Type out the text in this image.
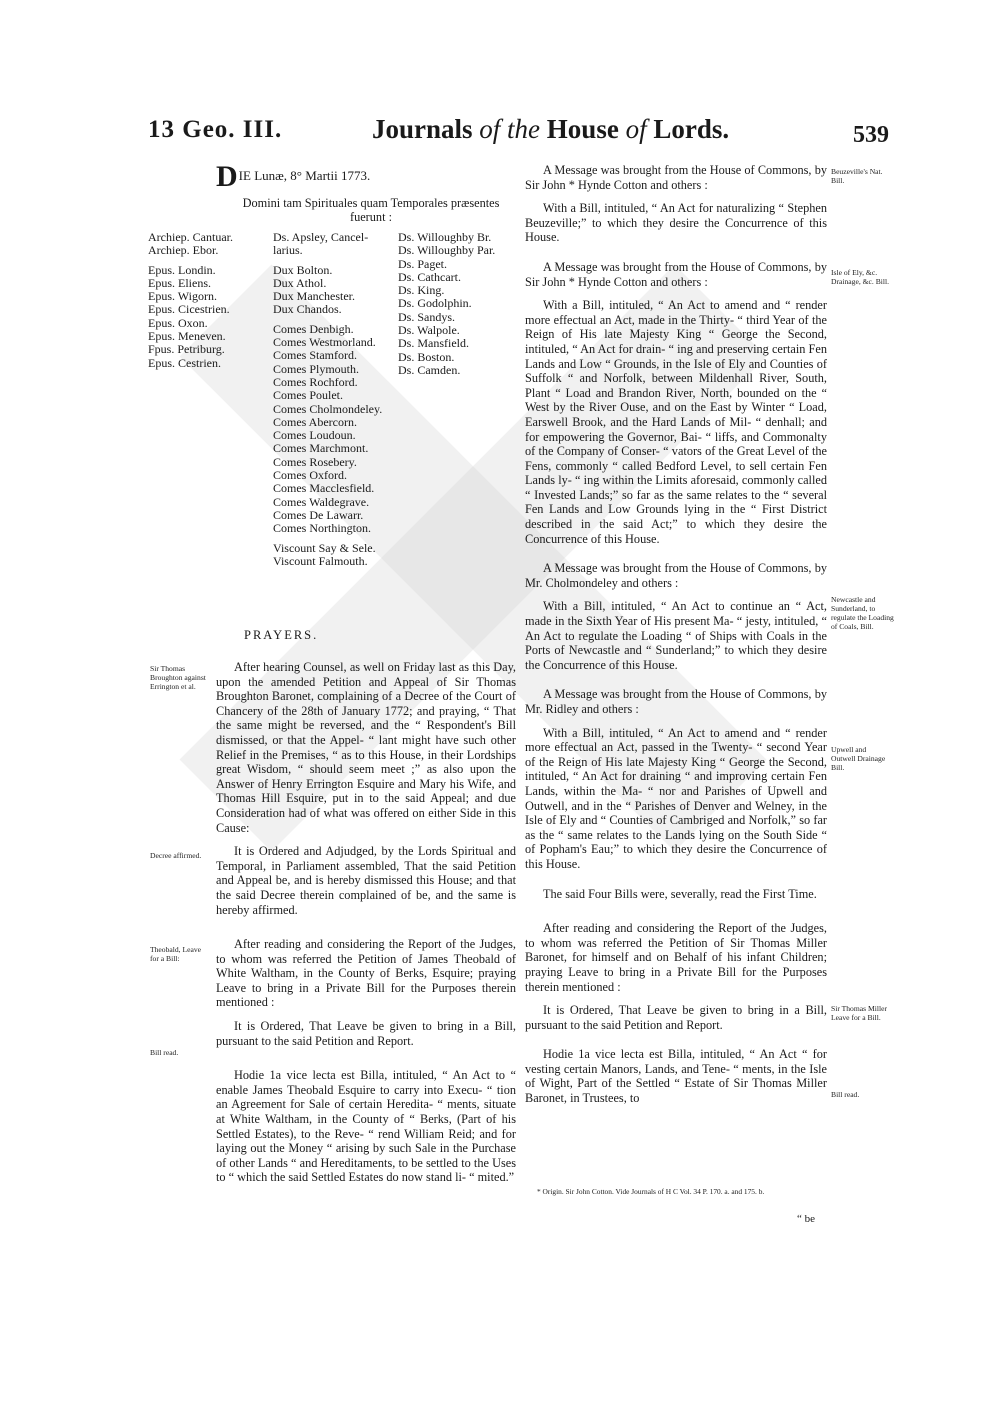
13 Geo. III.	Journals of the House of Lords.	539
DIE Lunæ, 8° Martii 1773.
Domini tam Spirituales quam Temporales præsentes fuerunt :
Archiep. Cantuar.
Archiep. Ebor.
Epus. Londin.
Epus. Eliens.
Epus. Wigorn.
Epus. Cicestrien.
Epus. Oxon.
Epus. Meneven.
Fpus. Petriburg.
Epus. Cestrien.
Ds. Apsley, Cancel-
larius.
Dux Bolton.
Dux Athol.
Dux Manchester.
Dux Chandos.
Comes Denbigh.
Comes Westmorland.
Comes Stamford.
Comes Plymouth.
Comes Rochford.
Comes Poulet.
Comes Cholmondeley.
Comes Abercorn.
Comes Loudoun.
Comes Marchmont.
Comes Rosebery.
Comes Oxford.
Comes Macclesfield.
Comes Waldegrave.
Comes De Lawarr.
Comes Northington.
Viscount Say & Sele.
Viscount Falmouth.
Ds. Willoughby Br.
Ds. Willoughby Par.
Ds. Paget.
Ds. Cathcart.
Ds. King.
Ds. Godolphin.
Ds. Sandys.
Ds. Walpole.
Ds. Mansfield.
Ds. Boston.
Ds. Camden.
PRAYERS.
Sir Thomas Broughton against Errington et al.
Decree affirmed.
Theobald, Leave for a Bill:
Bill read.

After hearing Counsel, as well on Friday last as this Day, upon the amended Petition and Appeal of Sir Thomas Broughton Baronet, complaining of a Decree of the Court of Chancery of the 28th of January 1772; and praying, “ That the same might be reversed, and the “ Respondent's Bill dismissed, or that the Appel- “ lant might have such other Relief in the Premises, “ as to this House, in their Lordships great Wisdom, “ should seem meet ;” as also upon the Answer of Henry Errington Esquire and Mary his Wife, and Thomas Hill Esquire, put in to the said Appeal; and due Consideration had of what was offered on either Side in this Cause:

It is Ordered and Adjudged, by the Lords Spiritual and Temporal, in Parliament assembled, That the said Petition and Appeal be, and is hereby dismissed this House; and that the said Decree therein complained of be, and the same is hereby affirmed.

After reading and considering the Report of the Judges, to whom was referred the Petition of James Theobald of White Waltham, in the County of Berks, Esquire; praying Leave to bring in a Private Bill for the Purposes therein mentioned :

It is Ordered, That Leave be given to bring in a Bill, pursuant to the said Petition and Report.

Hodie 1a vice lecta est Billa, intituled, “ An Act to “ enable James Theobald Esquire to carry into Execu- “ tion an Agreement for Sale of certain Heredita- “ ments, situate at White Waltham, in the County of “ Berks, (Part of his Settled Estates), to the Reve- “ rend William Reid; and for laying out the Money “ arising by such Sale in the Purchase of other Lands “ and Hereditaments, to be settled to the Uses to “ which the said Settled Estates do now stand li- “ mited.”

Beuzeville's Nat. Bill.
Isle of Ely, &c. Drainage, &c. Bill.
Newcastle and Sunderland, to regulate the Loading of Coals, Bill.
Upwell and Outwell Drainage Bill.
Sir Thomas Miller Leave for a Bill.
Bill read.

A Message was brought from the House of Commons, by Sir John * Hynde Cotton and others :

With a Bill, intituled, “ An Act for naturalizing “ Stephen Beuzeville;” to which they desire the Concurrence of this House.

A Message was brought from the House of Commons, by Sir John * Hynde Cotton and others :

With a Bill, intituled, “ An Act to amend and “ render more effectual an Act, made in the Thirty- “ third Year of the Reign of His late Majesty King “ George the Second, intituled, “ An Act for drain- “ ing and preserving certain Fen Lands and Low “ Grounds, in the Isle of Ely and Counties of Suffolk “ and Norfolk, between Mildenhall River, South, Plant “ Load and Brandon River, North, bounded on the “ West by the River Ouse, and on the East by Winter “ Load, Earswell Brook, and the Hard Lands of Mil- “ denhall; and for empowering the Governor, Bai- “ liffs, and Commonalty of the Company of Conser- “ vators of the Great Level of the Fens, commonly “ called Bedford Level, to sell certain Fen Lands ly- “ ing within the Limits aforesaid, commonly called “ Invested Lands;” so far as the same relates to the “ several Fen Lands and Low Grounds lying in the “ First District described in the said Act;” to which they desire the Concurrence of this House.

A Message was brought from the House of Commons, by Mr. Cholmondeley and others :

With a Bill, intituled, “ An Act to continue an “ Act, made in the Sixth Year of His present Ma- “ jesty, intituled, “ An Act to regulate the Loading “ of Ships with Coals in the Ports of Newcastle and “ Sunderland;” to which they desire the Concurrence of this House.

A Message was brought from the House of Commons, by Mr. Ridley and others :

With a Bill, intituled, “ An Act to amend and “ render more effectual an Act, passed in the Twenty- “ second Year of the Reign of His late Majesty King “ George the Second, intituled, “ An Act for draining “ and improving certain Fen Lands, within the Ma- “ nor and Parishes of Upwell and Outwell, and in the “ Parishes of Denver and Welney, in the Isle of Ely and “ Counties of Cambriged and Norfolk,” so far as the “ same relates to the Lands lying on the South Side “ of Popham's Eau;” to which they desire the Concurrence of this House.

The said Four Bills were, severally, read the First Time.

After reading and considering the Report of the Judges, to whom was referred the Petition of Sir Thomas Miller Baronet, for himself and on Behalf of his infant Children; praying Leave to bring in a Private Bill for the Purposes therein mentioned :

It is Ordered, That Leave be given to bring in a Bill, pursuant to the said Petition and Report.

Hodie 1a vice lecta est Billa, intituled, “ An Act “ for vesting certain Manors, Lands, and Tene- “ ments, in the Isle of Wight, Part of the Settled “ Estate of Sir Thomas Miller Baronet, in Trustees, to

* Origin. Sir John Cotton. Vide Journals of H C Vol. 34 P. 170. a. and 175. b.
“ be
